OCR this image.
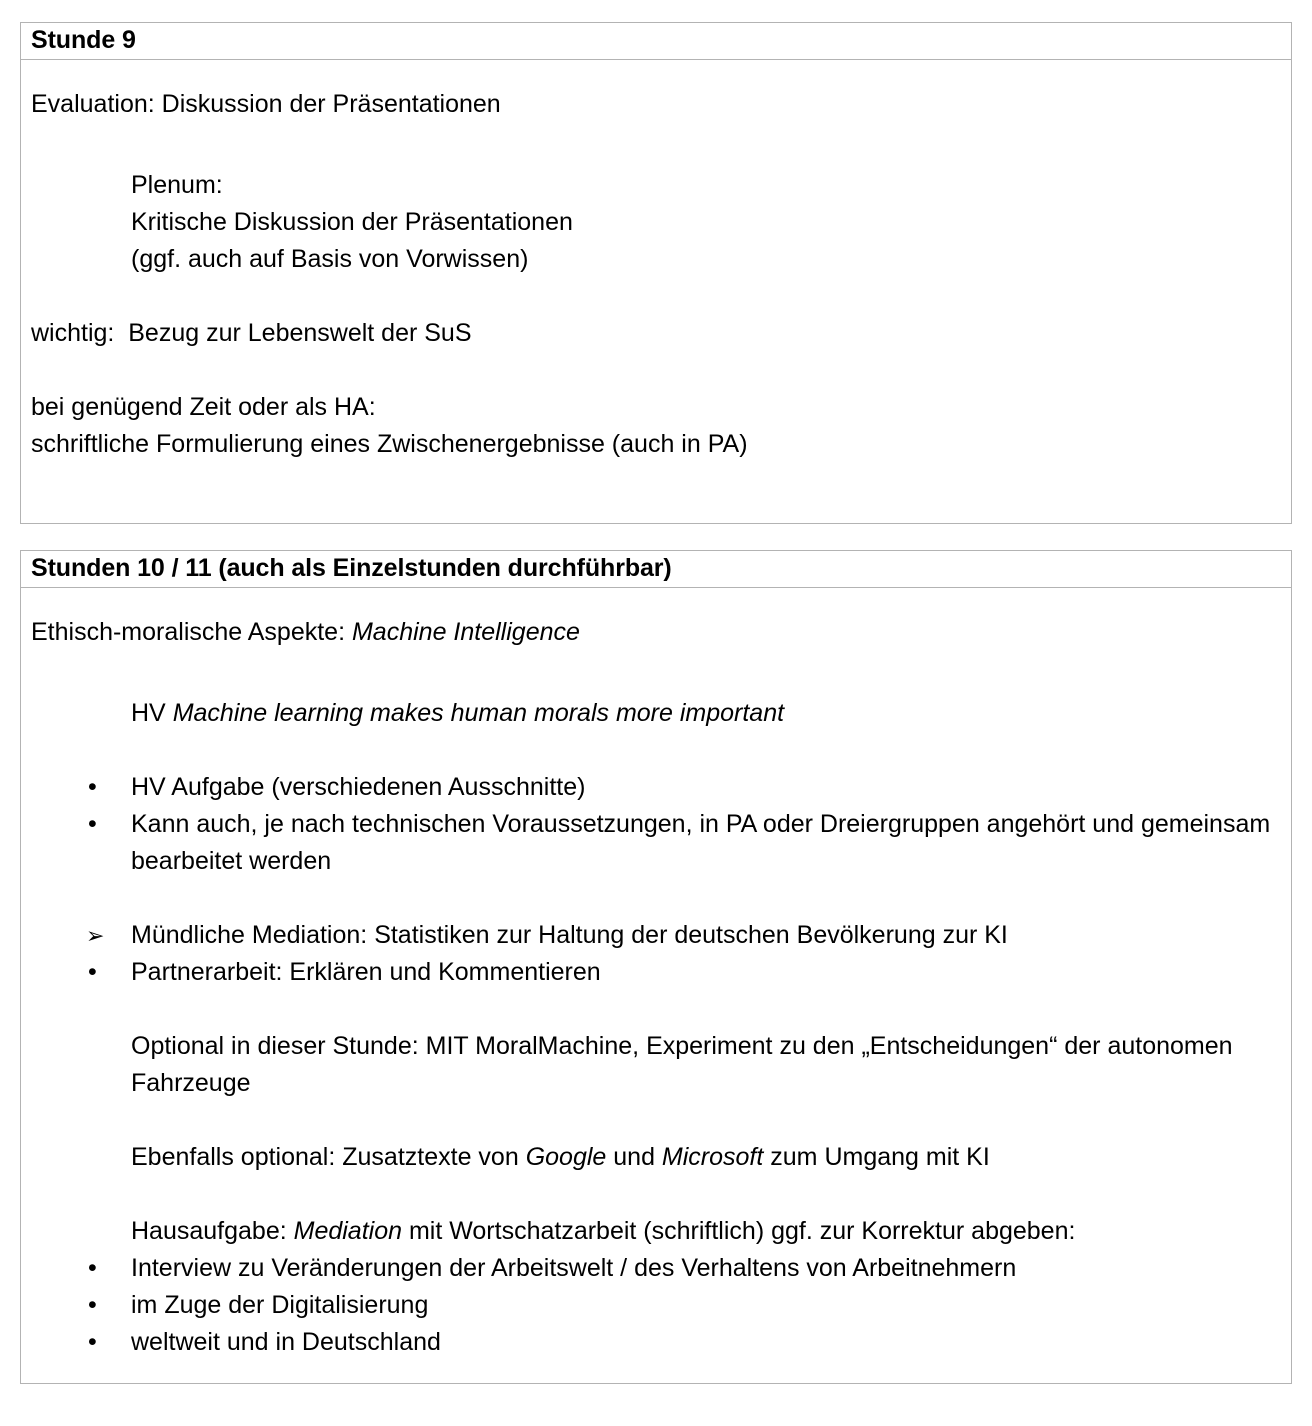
Stunde 9

Evaluation: Diskussion der Präsentationen

Plenum:

Kritische Diskussion der Präsentationen

(ggf. auch auf Basis von Vorwissen)

wichtig:  Bezug zur Lebenswelt der SuS

bei genügend Zeit oder als HA:

schriftliche Formulierung eines Zwischenergebnisse (auch in PA)

Stunden 10 / 11 (auch als Einzelstunden durchführbar)

Ethisch-moralische Aspekte: Machine Intelligence

HV Machine learning makes human morals more important

•	HV Aufgabe (verschiedenen Ausschnitte)
•	Kann auch, je nach technischen Voraussetzungen, in PA oder Dreiergruppen angehört und gemeinsam bearbeitet werden
➢	Mündliche Mediation: Statistiken zur Haltung der deutschen Bevölkerung zur KI
•	Partnerarbeit: Erklären und Kommentieren

Optional in dieser Stunde: MIT MoralMachine, Experiment zu den „Entscheidungen“ der autonomen Fahrzeuge

Ebenfalls optional: Zusatztexte von Google und Microsoft zum Umgang mit KI

Hausaufgabe: Mediation mit Wortschatzarbeit (schriftlich) ggf. zur Korrektur abgeben:

•	Interview zu Veränderungen der Arbeitswelt / des Verhaltens von Arbeitnehmern
•	im Zuge der Digitalisierung
•	weltweit und in Deutschland
